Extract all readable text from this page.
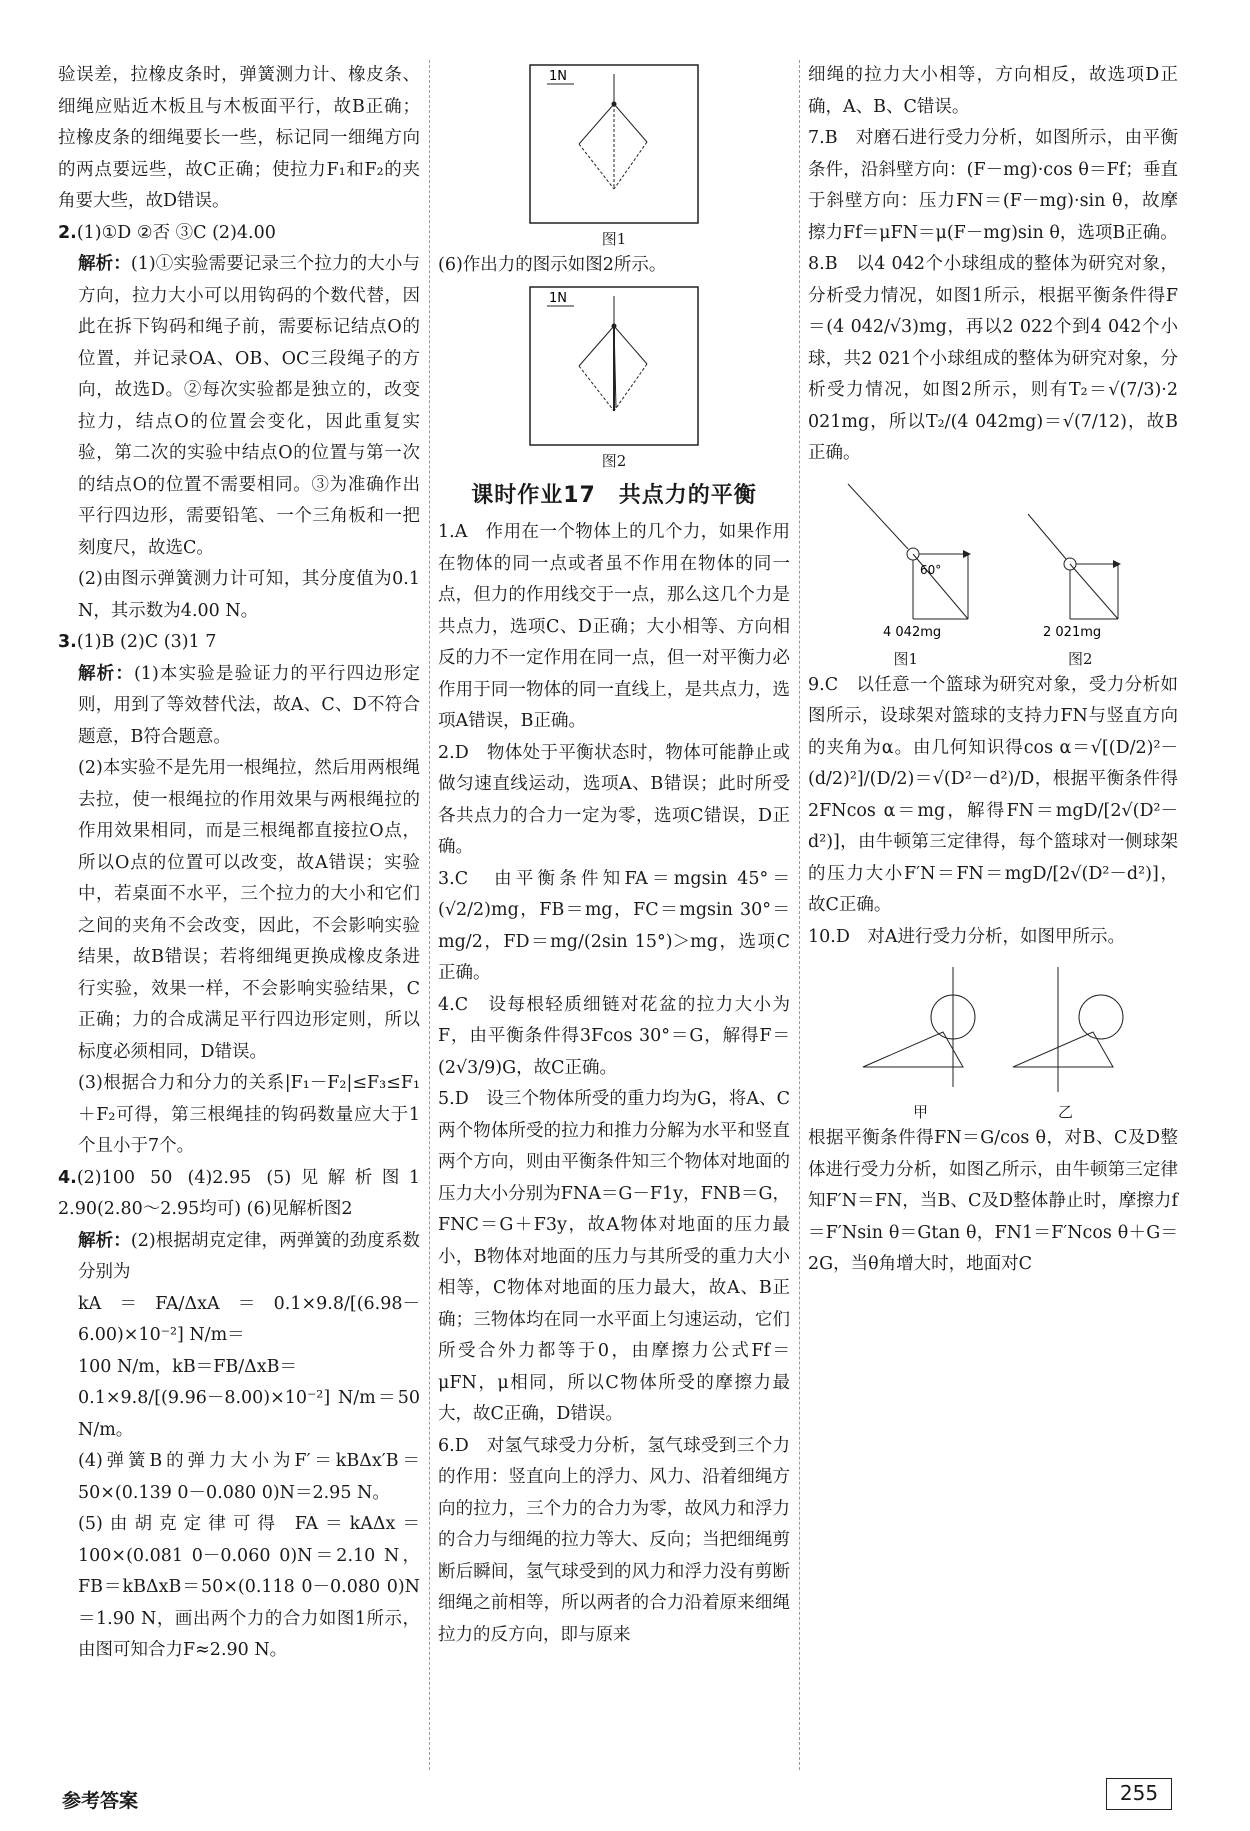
验误差，拉橡皮条时，弹簧测力计、橡皮条、细绳应贴近木板且与木板面平行，故B正确；拉橡皮条的细绳要长一些，标记同一细绳方向的两点要远些，故C正确；使拉力F₁和F₂的夹角要大些，故D错误。

2.(1)①D ②否 ③C (2)4.00

解析：(1)①实验需要记录三个拉力的大小与方向，拉力大小可以用钩码的个数代替，因此在拆下钩码和绳子前，需要标记结点O的位置，并记录OA、OB、OC三段绳子的方向，故选D。②每次实验都是独立的，改变拉力，结点O的位置会变化，因此重复实验，第二次的实验中结点O的位置与第一次的结点O的位置不需要相同。③为准确作出平行四边形，需要铅笔、一个三角板和一把刻度尺，故选C。

(2)由图示弹簧测力计可知，其分度值为0.1 N，其示数为4.00 N。

3.(1)B (2)C (3)1 7

解析：(1)本实验是验证力的平行四边形定则，用到了等效替代法，故A、C、D不符合题意，B符合题意。

(2)本实验不是先用一根绳拉，然后用两根绳去拉，使一根绳拉的作用效果与两根绳拉的作用效果相同，而是三根绳都直接拉O点，所以O点的位置可以改变，故A错误；实验中，若桌面不水平，三个拉力的大小和它们之间的夹角不会改变，因此，不会影响实验结果，故B错误；若将细绳更换成橡皮条进行实验，效果一样，不会影响实验结果，C正确；力的合成满足平行四边形定则，所以标度必须相同，D错误。

(3)根据合力和分力的关系|F₁－F₂|≤F₃≤F₁＋F₂可得，第三根绳挂的钩码数量应大于1个且小于7个。

4.(2)100 50 (4)2.95 (5)见解析图1 2.90(2.80～2.95均可) (6)见解析图2

解析：(2)根据胡克定律，两弹簧的劲度系数分别为

kA＝FA/ΔxA＝0.1×9.8/[(6.98－6.00)×10⁻²] N/m＝

100 N/m，kB＝FB/ΔxB＝

0.1×9.8/[(9.96－8.00)×10⁻²] N/m＝50 N/m。

(4)弹簧B的弹力大小为F′＝kBΔx′B＝50×(0.139 0－0.080 0)N＝2.95 N。

(5)由胡克定律可得 FA＝kAΔx＝100×(0.081 0－0.060 0)N＝2.10 N，FB＝kBΔxB＝50×(0.118 0－0.080 0)N＝1.90 N，画出两个力的合力如图1所示，由图可知合力F≈2.90 N。

1N
图1

(6)作出力的图示如图2所示。

1N
图2
课时作业17　共点力的平衡

1.A　作用在一个物体上的几个力，如果作用在物体的同一点或者虽不作用在物体的同一点，但力的作用线交于一点，那么这几个力是共点力，选项C、D正确；大小相等、方向相反的力不一定作用在同一点，但一对平衡力必作用于同一物体的同一直线上，是共点力，选项A错误，B正确。

2.D　物体处于平衡状态时，物体可能静止或做匀速直线运动，选项A、B错误；此时所受各共点力的合力一定为零，选项C错误，D正确。

3.C　由平衡条件知FA＝mgsin 45°＝(√2/2)mg，FB＝mg，FC＝mgsin 30°＝mg/2，FD＝mg/(2sin 15°)＞mg，选项C正确。

4.C　设每根轻质细链对花盆的拉力大小为F，由平衡条件得3Fcos 30°＝G，解得F＝(2√3/9)G，故C正确。

5.D　设三个物体所受的重力均为G，将A、C两个物体所受的拉力和推力分解为水平和竖直两个方向，则由平衡条件知三个物体对地面的压力大小分别为FNA＝G－F1y，FNB＝G，FNC＝G＋F3y，故A物体对地面的压力最小，B物体对地面的压力与其所受的重力大小相等，C物体对地面的压力最大，故A、B正确；三物体均在同一水平面上匀速运动，它们所受合外力都等于0，由摩擦力公式Ff＝μFN，μ相同，所以C物体所受的摩擦力最大，故C正确，D错误。

6.D　对氢气球受力分析，氢气球受到三个力的作用：竖直向上的浮力、风力、沿着细绳方向的拉力，三个力的合力为零，故风力和浮力的合力与细绳的拉力等大、反向；当把细绳剪断后瞬间，氢气球受到的风力和浮力没有剪断细绳之前相等，所以两者的合力沿着原来细绳拉力的反方向，即与原来

细绳的拉力大小相等，方向相反，故选项D正确，A、B、C错误。

7.B　对磨石进行受力分析，如图所示，由平衡条件，沿斜壁方向：(F－mg)·cos θ＝Ff；垂直于斜壁方向：压力FN＝(F－mg)·sin θ，故摩擦力Ff＝μFN＝μ(F－mg)sin θ，选项B正确。

8.B　以4 042个小球组成的整体为研究对象，分析受力情况，如图1所示，根据平衡条件得F＝(4 042/√3)mg，再以2 022个到4 042个小球，共2 021个小球组成的整体为研究对象，分析受力情况，如图2所示，则有T₂＝√(7/3)·2 021mg，所以T₂/(4 042mg)＝√(7/12)，故B正确。

60°
4 042mg	2 021mg
图1	图2

9.C　以任意一个篮球为研究对象，受力分析如图所示，设球架对篮球的支持力FN与竖直方向的夹角为α。由几何知识得cos α＝√[(D/2)²－(d/2)²]/(D/2)＝√(D²－d²)/D，根据平衡条件得2FNcos α＝mg，解得FN＝mgD/[2√(D²－d²)]，由牛顿第三定律得，每个篮球对一侧球架的压力大小F′N＝FN＝mgD/[2√(D²－d²)]，故C正确。

10.D　对A进行受力分析，如图甲所示。

甲	乙

根据平衡条件得FN＝G/cos θ，对B、C及D整体进行受力分析，如图乙所示，由牛顿第三定律知F′N＝FN，当B、C及D整体静止时，摩擦力f＝F′Nsin θ＝Gtan θ，FN1＝F′Ncos θ＋G＝2G，当θ角增大时，地面对C

参考答案	255
